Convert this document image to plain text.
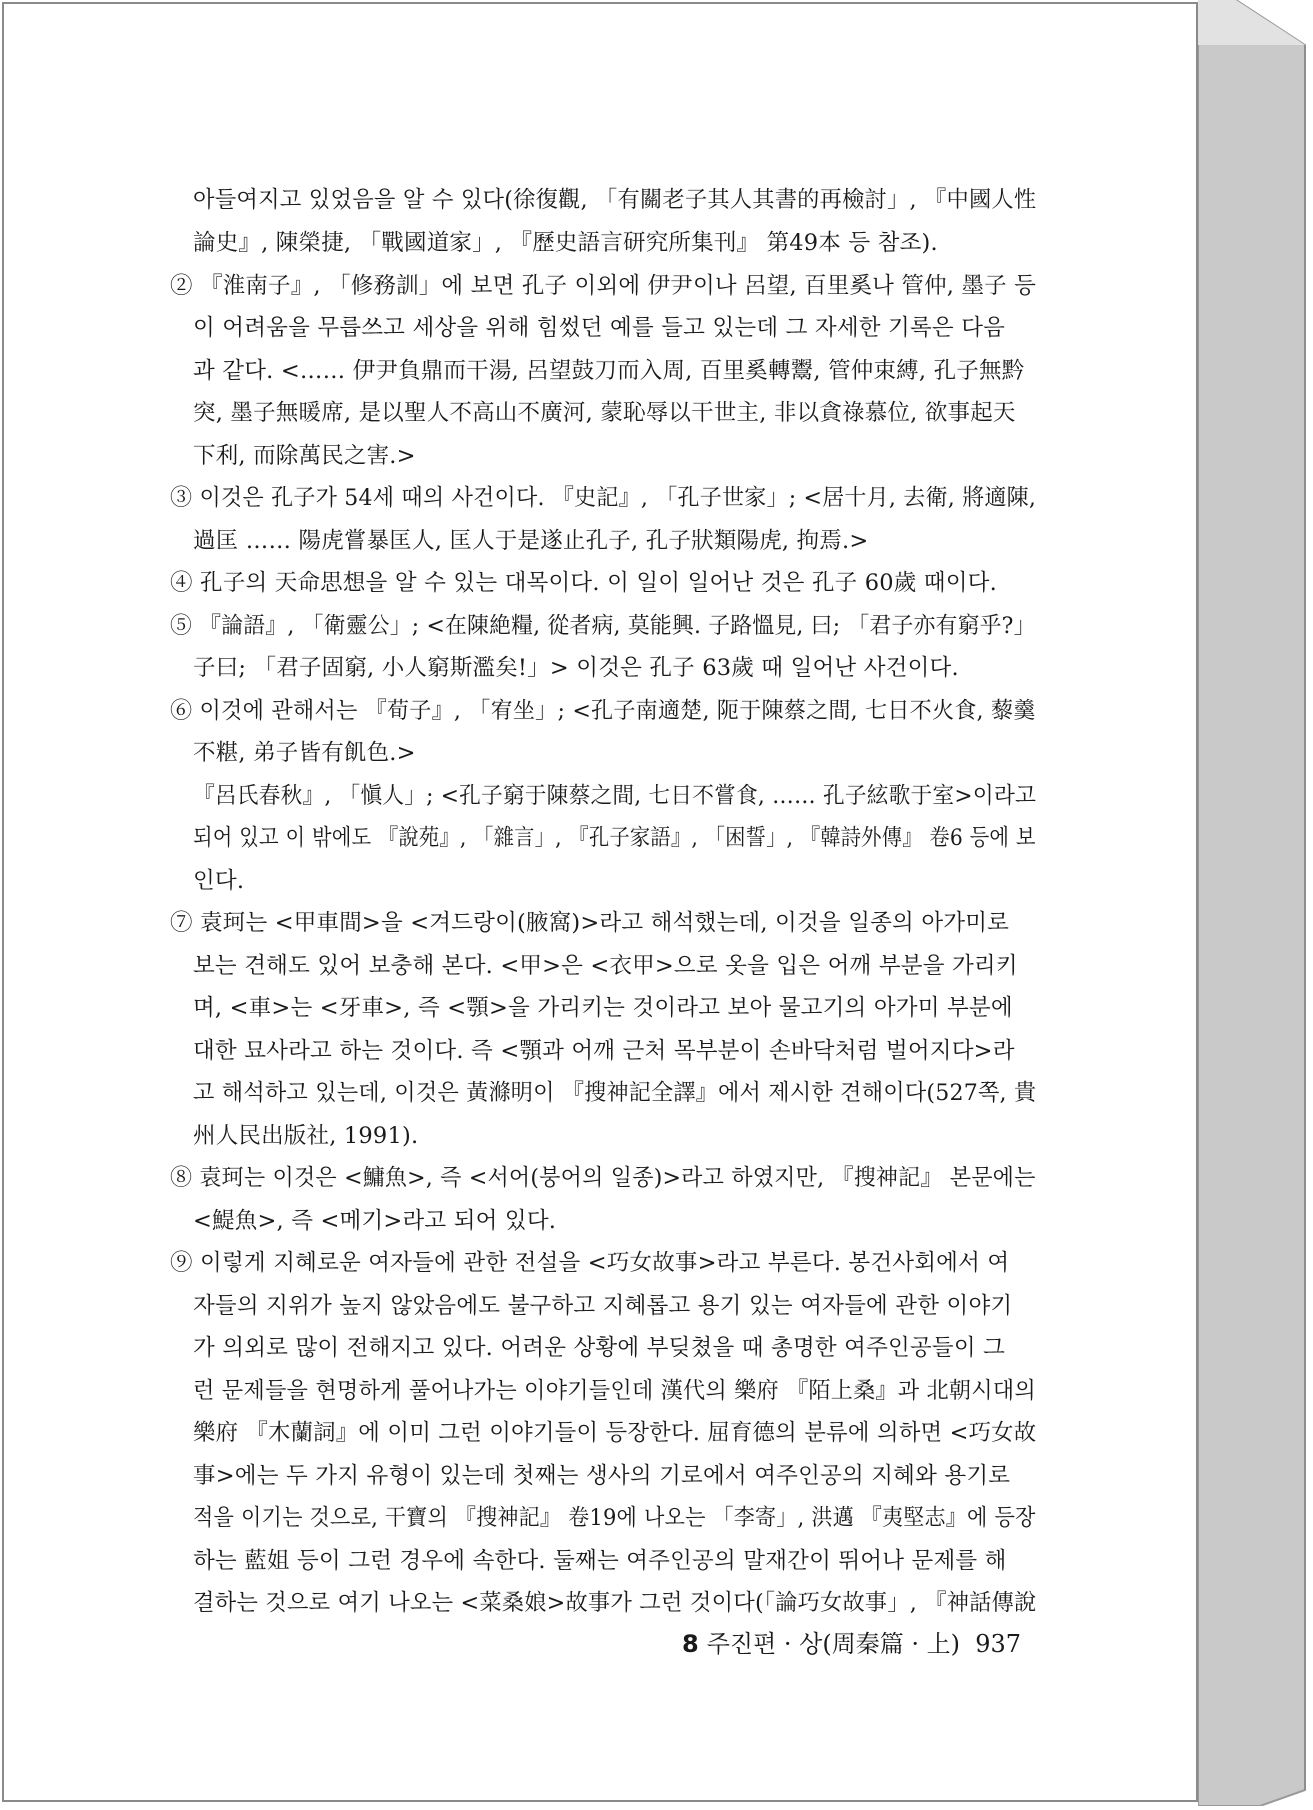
아들여지고 있었음을 알 수 있다(徐復觀, 「有關老子其人其書的再檢討」, 『中國人性
論史』, 陳榮捷, 「戰國道家」, 『歷史語言研究所集刊』 第49本 등 참조).
② 『淮南子』, 「修務訓」에 보면 孔子 이외에 伊尹이나 呂望, 百里奚나 管仲, 墨子 등
이 어려움을 무릅쓰고 세상을 위해 힘썼던 예를 들고 있는데 그 자세한 기록은 다음
과 같다. <…… 伊尹負鼎而干湯, 呂望鼓刀而入周, 百里奚轉鬻, 管仲束縛, 孔子無黔
突, 墨子無暖席, 是以聖人不高山不廣河, 蒙恥辱以干世主, 非以貪祿慕位, 欲事起天
下利, 而除萬民之害.>
③ 이것은 孔子가 54세 때의 사건이다. 『史記』, 「孔子世家」; <居十月, 去衛, 將適陳,
過匡 …… 陽虎嘗暴匡人, 匡人于是遂止孔子, 孔子狀類陽虎, 拘焉.>
④ 孔子의 天命思想을 알 수 있는 대목이다. 이 일이 일어난 것은 孔子 60歲 때이다.
⑤ 『論語』, 「衛靈公」; <在陳絶糧, 從者病, 莫能興. 子路慍見, 曰; 「君子亦有窮乎?」
子曰; 「君子固窮, 小人窮斯濫矣!」> 이것은 孔子 63歲 때 일어난 사건이다.
⑥ 이것에 관해서는 『荀子』, 「宥坐」; <孔子南適楚, 阨于陳蔡之間, 七日不火食, 藜羹
不糂, 弟子皆有飢色.>
『呂氏春秋』, 「愼人」; <孔子窮于陳蔡之間, 七日不嘗食, …… 孔子絃歌于室>이라고
되어 있고 이 밖에도 『說苑』, 「雜言」, 『孔子家語』, 「困誓」, 『韓詩外傳』 卷6 등에 보
인다.
⑦ 袁珂는 <甲車間>을 <겨드랑이(腋窩)>라고 해석했는데, 이것을 일종의 아가미로
보는 견해도 있어 보충해 본다. <甲>은 <衣甲>으로 옷을 입은 어깨 부분을 가리키
며, <車>는 <牙車>, 즉 <顎>을 가리키는 것이라고 보아 물고기의 아가미 부분에
대한 묘사라고 하는 것이다. 즉 <顎과 어깨 근처 목부분이 손바닥처럼 벌어지다>라
고 해석하고 있는데, 이것은 黃滌明이 『搜神記全譯』에서 제시한 견해이다(527쪽, 貴
州人民出版社, 1991).
⑧ 袁珂는 이것은 <鱅魚>, 즉 <서어(붕어의 일종)>라고 하였지만, 『搜神記』 본문에는
<鯷魚>, 즉 <메기>라고 되어 있다.
⑨ 이렇게 지혜로운 여자들에 관한 전설을 <巧女故事>라고 부른다. 봉건사회에서 여
자들의 지위가 높지 않았음에도 불구하고 지혜롭고 용기 있는 여자들에 관한 이야기
가 의외로 많이 전해지고 있다. 어려운 상황에 부딪쳤을 때 총명한 여주인공들이 그
런 문제들을 현명하게 풀어나가는 이야기들인데 漢代의 樂府 『陌上桑』과 北朝시대의
樂府 『木蘭詞』에 이미 그런 이야기들이 등장한다. 屈育德의 분류에 의하면 <巧女故
事>에는 두 가지 유형이 있는데 첫째는 생사의 기로에서 여주인공의 지혜와 용기로
적을 이기는 것으로, 干寶의 『搜神記』 卷19에 나오는 「李寄」, 洪邁 『夷堅志』에 등장
하는 藍姐 등이 그런 경우에 속한다. 둘째는 여주인공의 말재간이 뛰어나 문제를 해
결하는 것으로 여기 나오는 <菜桑娘>故事가 그런 것이다(「論巧女故事」, 『神話傳說
8 주진편 · 상(周秦篇 · 上) 937
